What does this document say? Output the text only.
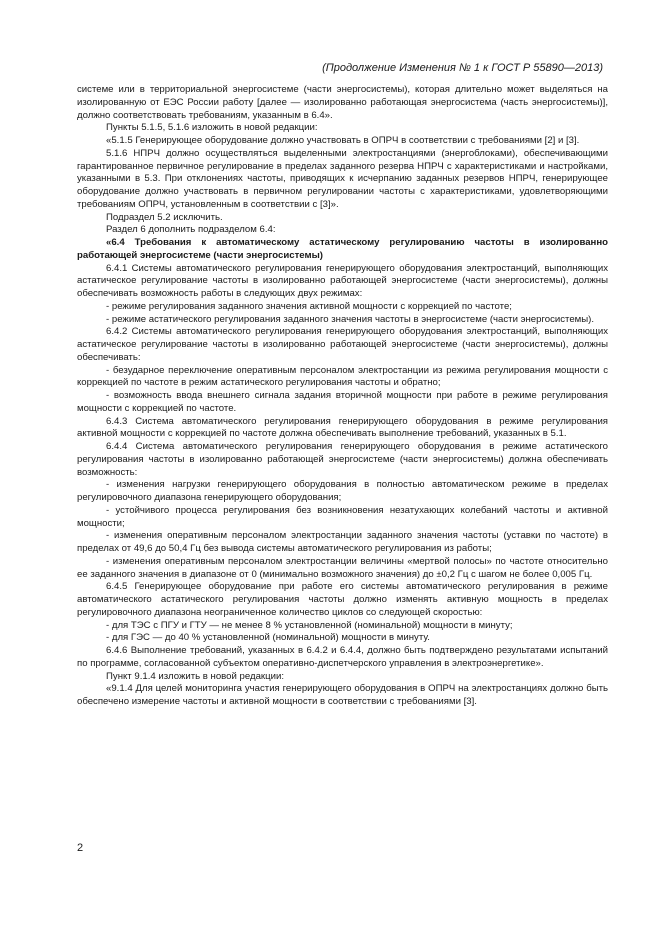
(Продолжение Изменения № 1 к ГОСТ Р 55890—2013)

системе или в территориальной энергосистеме (части энергосистемы), которая длительно может выделяться на изолированную от ЕЭС России работу [далее — изолированно работающая энергосистема (часть энергосистемы)], должно соответствовать требованиям, указанным в 6.4».

Пункты 5.1.5, 5.1.6 изложить в новой редакции:

«5.1.5 Генерирующее оборудование должно участвовать в ОПРЧ в соответствии с требованиями [2] и [3].

5.1.6 НПРЧ должно осуществляться выделенными электростанциями (энергоблоками), обеспечивающими гарантированное первичное регулирование в пределах заданного резерва НПРЧ с характеристиками и настройками, указанными в 5.3. При отклонениях частоты, приводящих к исчерпанию заданных резервов НПРЧ, генерирующее оборудование должно участвовать в первичном регулировании частоты с характеристиками, удовлетворяющими требованиям ОПРЧ, установленным в соответствии с [3]».

Подраздел 5.2 исключить.

Раздел 6 дополнить подразделом 6.4:

«6.4 Требования к автоматическому астатическому регулированию частоты в изолированно работающей энергосистеме (части энергосистемы)

6.4.1 Системы автоматического регулирования генерирующего оборудования электростанций, выполняющих астатическое регулирование частоты в изолированно работающей энергосистеме (части энергосистемы), должны обеспечивать возможность работы в следующих двух режимах:

- режиме регулирования заданного значения активной мощности с коррекцией по частоте;

- режиме астатического регулирования заданного значения частоты в энергосистеме (части энергосистемы).

6.4.2 Системы автоматического регулирования генерирующего оборудования электростанций, выполняющих астатическое регулирование частоты в изолированно работающей энергосистеме (части энергосистемы), должны обеспечивать:

- безударное переключение оперативным персоналом электростанции из режима регулирования мощности с коррекцией по частоте в режим астатического регулирования частоты и обратно;

- возможность ввода внешнего сигнала задания вторичной мощности при работе в режиме регулирования мощности с коррекцией по частоте.

6.4.3 Система автоматического регулирования генерирующего оборудования в режиме регулирования активной мощности с коррекцией по частоте должна обеспечивать выполнение требований, указанных в 5.1.

6.4.4 Система автоматического регулирования генерирующего оборудования в режиме астатического регулирования частоты в изолированно работающей энергосистеме (части энергосистемы) должна обеспечивать возможность:

- изменения нагрузки генерирующего оборудования в полностью автоматическом режиме в пределах регулировочного диапазона генерирующего оборудования;

- устойчивого процесса регулирования без возникновения незатухающих колебаний частоты и активной мощности;

- изменения оперативным персоналом электростанции заданного значения частоты (уставки по частоте) в пределах от 49,6 до 50,4 Гц без вывода системы автоматического регулирования из работы;

- изменения оперативным персоналом электростанции величины «мертвой полосы» по частоте относительно ее заданного значения в диапазоне от 0 (минимально возможного значения) до ±0,2 Гц с шагом не более 0,005 Гц.

6.4.5 Генерирующее оборудование при работе его системы автоматического регулирования в режиме автоматического астатического регулирования частоты должно изменять активную мощность в пределах регулировочного диапазона неограниченное количество циклов со следующей скоростью:

- для ТЭС с ПГУ и ГТУ — не менее 8 % установленной (номинальной) мощности в минуту;

- для ГЭС — до 40 % установленной (номинальной) мощности в минуту.

6.4.6 Выполнение требований, указанных в 6.4.2 и 6.4.4, должно быть подтверждено результатами испытаний по программе, согласованной субъектом оперативно-диспетчерского управления в электроэнергетике».

Пункт 9.1.4 изложить в новой редакции:

«9.1.4 Для целей мониторинга участия генерирующего оборудования в ОПРЧ на электростанциях должно быть обеспечено измерение частоты и активной мощности в соответствии с требованиями [3].

2
